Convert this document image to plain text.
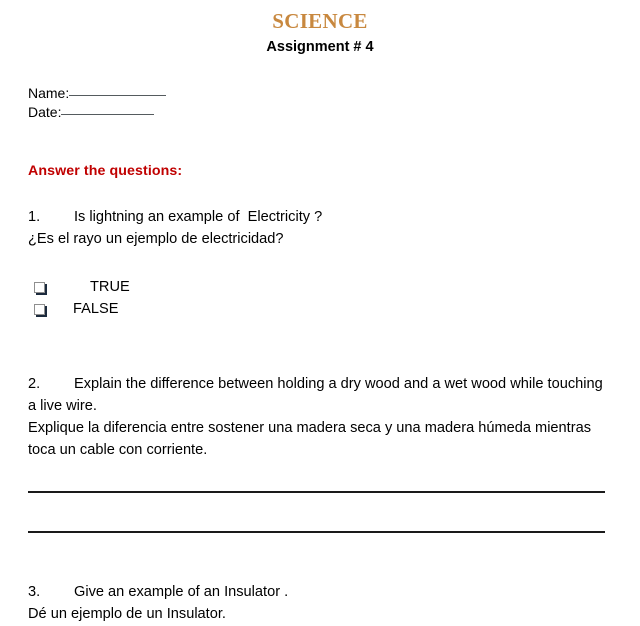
SCIENCE
Assignment # 4
Name:
Date:
Answer the questions:
1. Is lightning an example of  Electricity ?
¿Es el rayo un ejemplo de electricidad?
TRUE
FALSE
2. Explain the difference between holding a dry wood and a wet wood while touching a live wire.
Explique la diferencia entre sostener una madera seca y una madera húmeda mientras toca un cable con corriente.
3. Give an example of an Insulator .
Dé un ejemplo de un Insulator.
